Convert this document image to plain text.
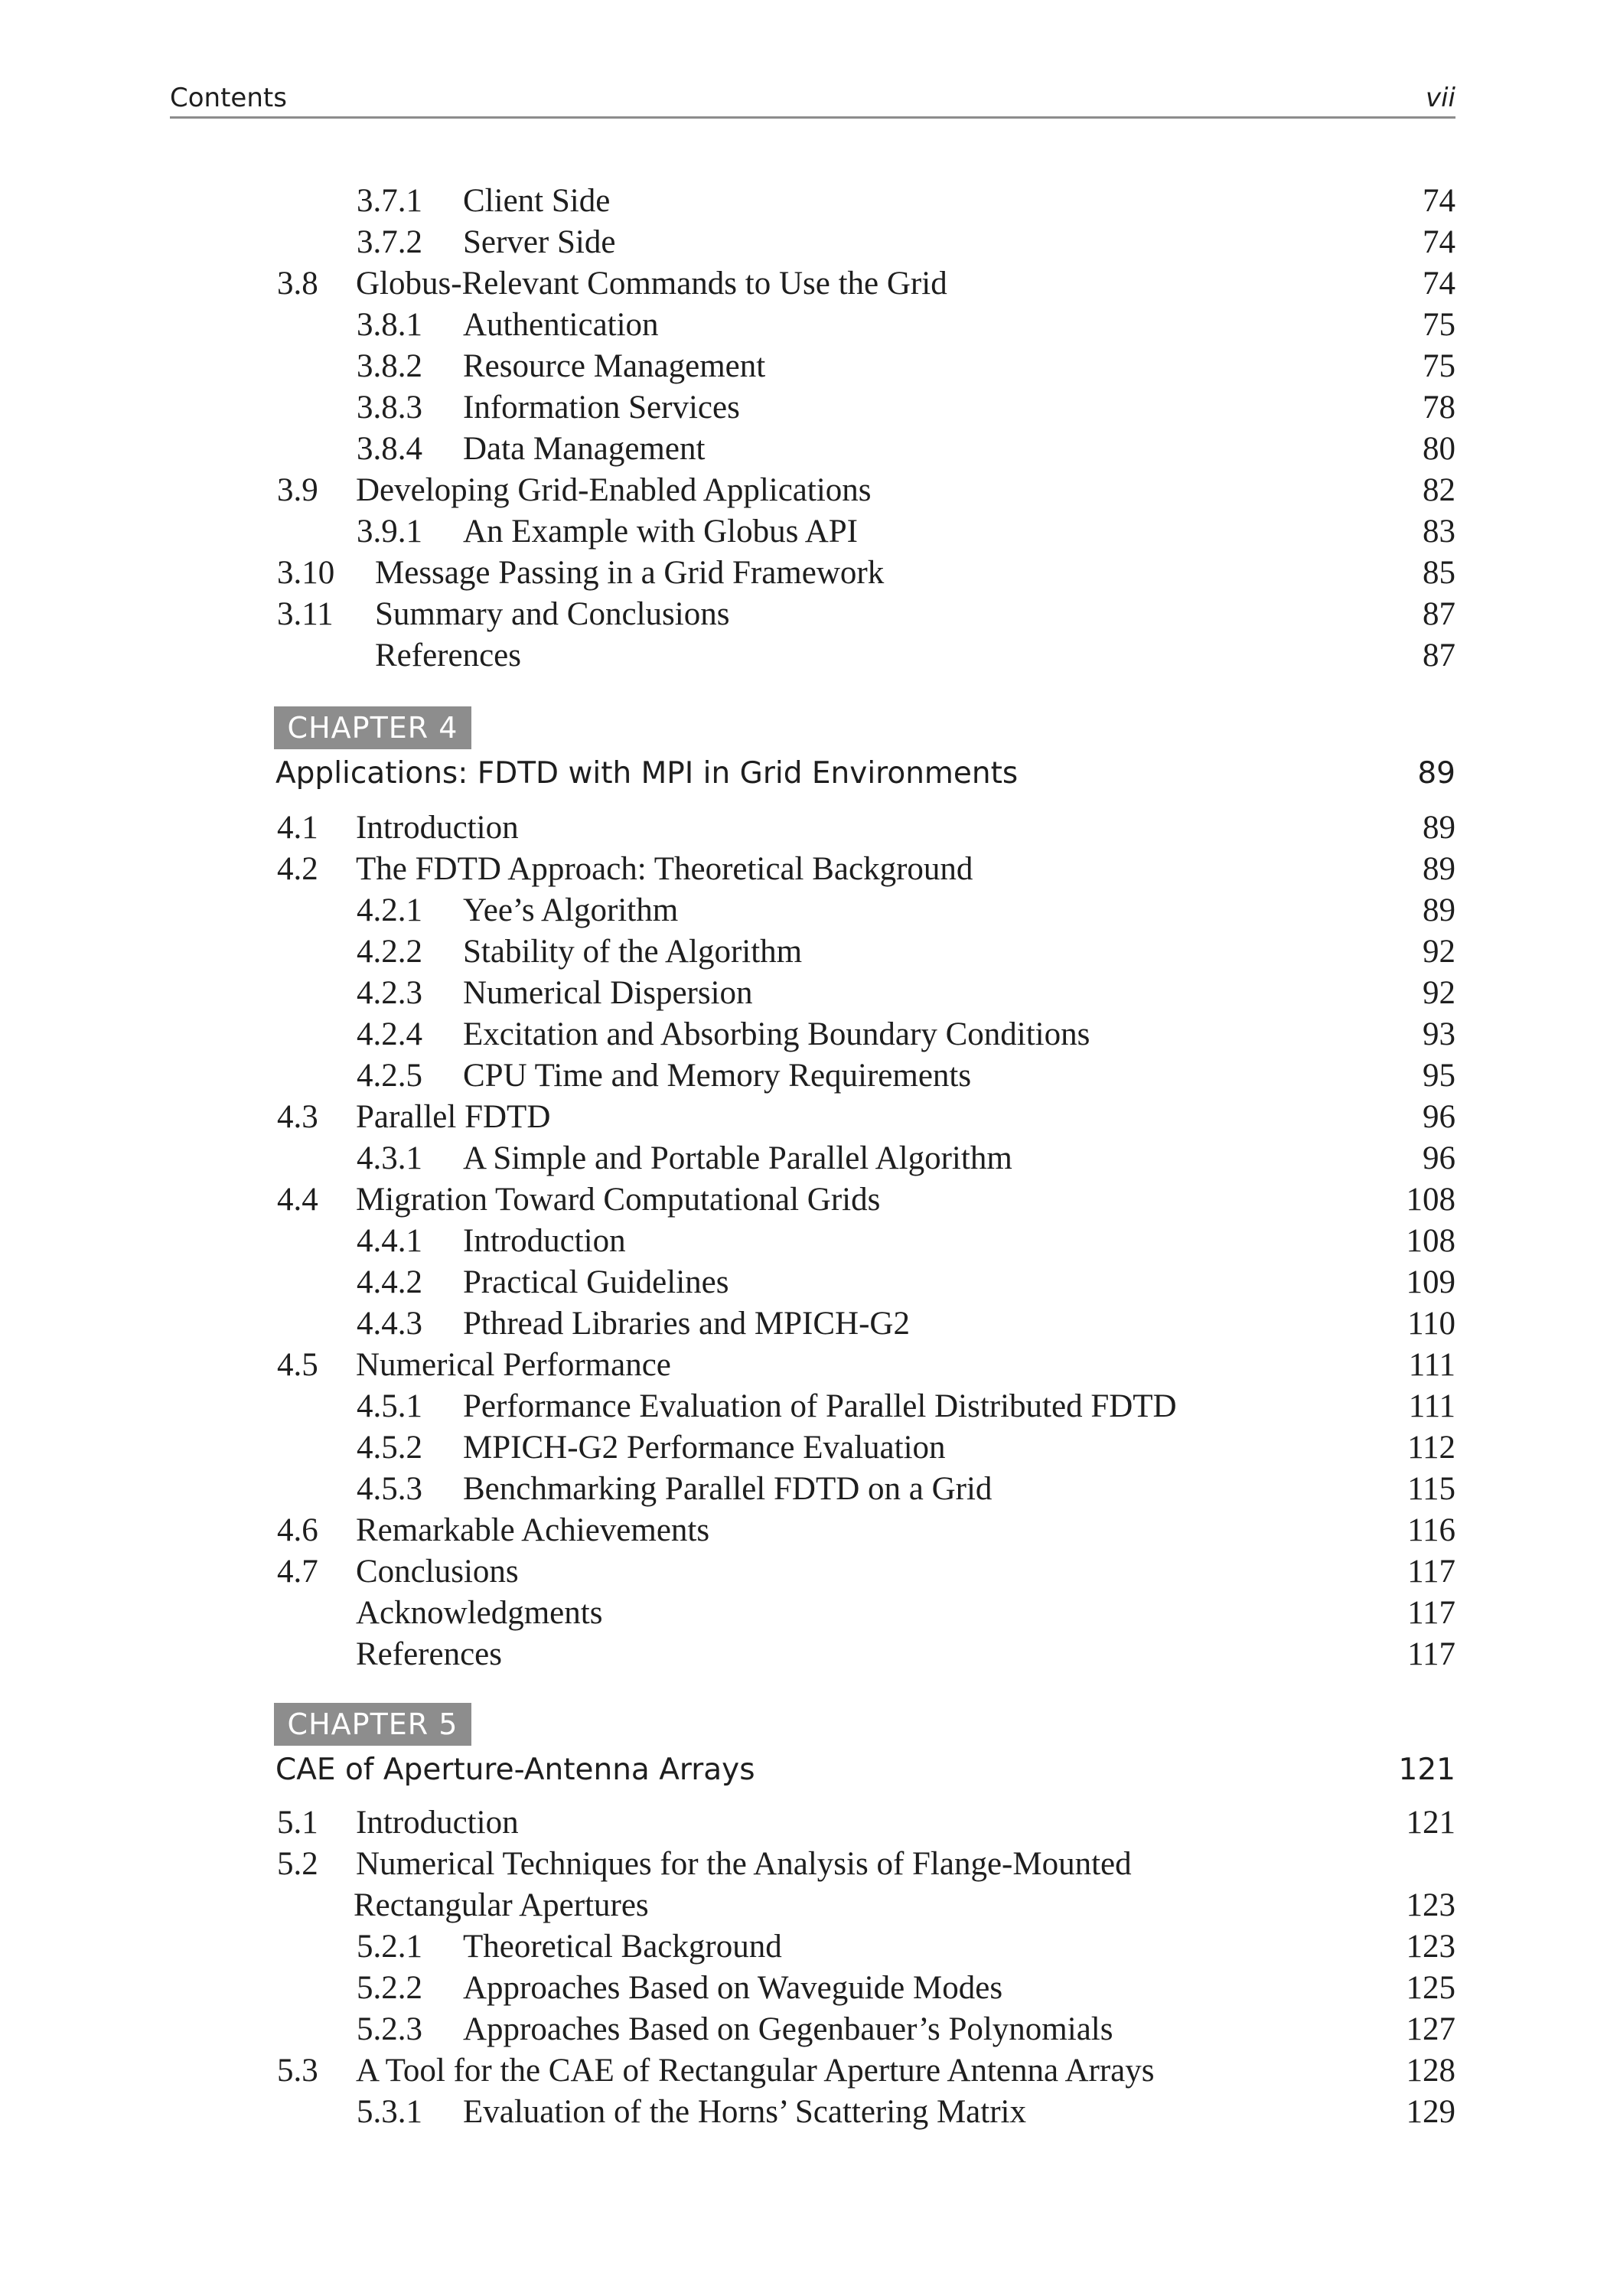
Contents	vii
3.7.1 Client Side	74
3.7.2 Server Side	74
3.8 Globus-Relevant Commands to Use the Grid	74
3.8.1 Authentication	75
3.8.2 Resource Management	75
3.8.3 Information Services	78
3.8.4 Data Management	80
3.9 Developing Grid-Enabled Applications	82
3.9.1 An Example with Globus API	83
3.10 Message Passing in a Grid Framework	85
3.11 Summary and Conclusions	87
References	87
CHAPTER 4
Applications: FDTD with MPI in Grid Environments	89
4.1 Introduction	89
4.2 The FDTD Approach: Theoretical Background	89
4.2.1 Yee’s Algorithm	89
4.2.2 Stability of the Algorithm	92
4.2.3 Numerical Dispersion	92
4.2.4 Excitation and Absorbing Boundary Conditions	93
4.2.5 CPU Time and Memory Requirements	95
4.3 Parallel FDTD	96
4.3.1 A Simple and Portable Parallel Algorithm	96
4.4 Migration Toward Computational Grids	108
4.4.1 Introduction	108
4.4.2 Practical Guidelines	109
4.4.3 Pthread Libraries and MPICH-G2	110
4.5 Numerical Performance	111
4.5.1 Performance Evaluation of Parallel Distributed FDTD	111
4.5.2 MPICH-G2 Performance Evaluation	112
4.5.3 Benchmarking Parallel FDTD on a Grid	115
4.6 Remarkable Achievements	116
4.7 Conclusions	117
Acknowledgments	117
References	117
CHAPTER 5
CAE of Aperture-Antenna Arrays	121
5.1 Introduction	121
5.2 Numerical Techniques for the Analysis of Flange-Mounted
Rectangular Apertures	123
5.2.1 Theoretical Background	123
5.2.2 Approaches Based on Waveguide Modes	125
5.2.3 Approaches Based on Gegenbauer’s Polynomials	127
5.3 A Tool for the CAE of Rectangular Aperture Antenna Arrays	128
5.3.1 Evaluation of the Horns’ Scattering Matrix	129
